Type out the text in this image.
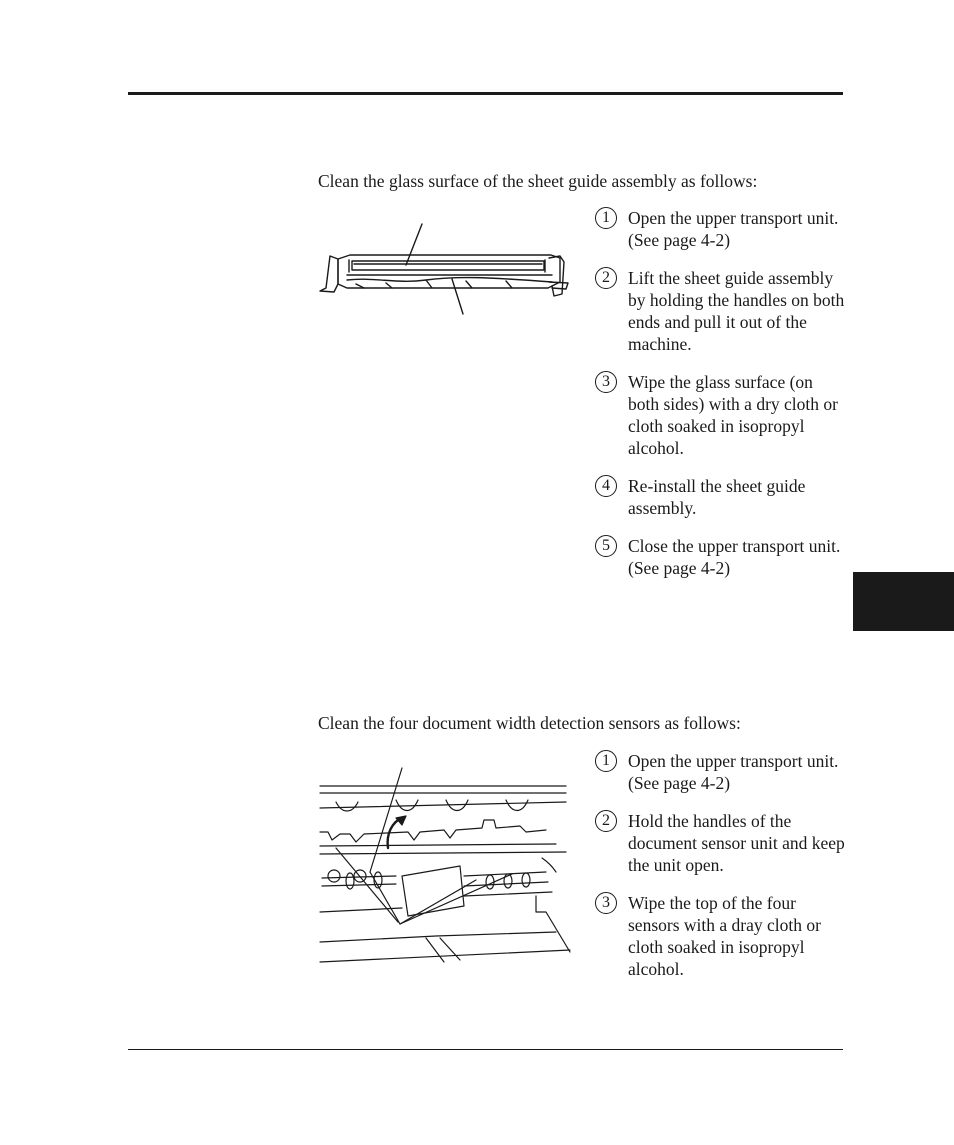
Clean the glass surface of the sheet guide assembly as follows:
1	Open the upper transport unit. (See page 4-2)
2	Lift the sheet guide assembly by holding the handles on both ends and pull it out of the machine.
3	Wipe the glass surface (on both sides) with a dry cloth or cloth soaked in isopropyl alcohol.
4	Re-install the sheet guide assembly.
5	Close the upper transport unit. (See page 4-2)
Clean the four document width detection sensors as follows:
1	Open the upper transport unit. (See page 4-2)
2	Hold the handles of the document sensor unit and keep the unit open.
3	Wipe the top of the four sensors with a dray cloth or cloth soaked in isopropyl alcohol.
